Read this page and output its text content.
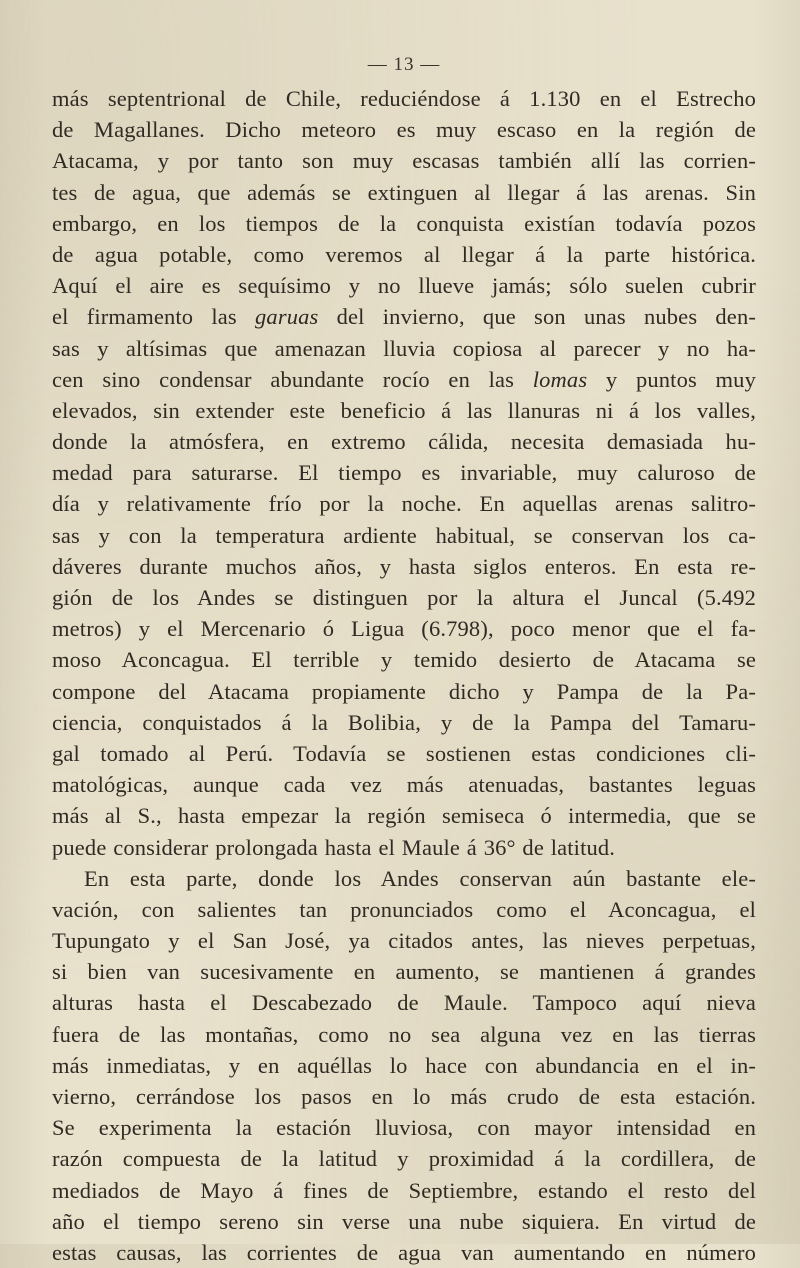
— 13 —
más septentrional de Chile, reduciéndose á 1.130 en el Estrecho
de Magallanes. Dicho meteoro es muy escaso en la región de
Atacama, y por tanto son muy escasas también allí las corrien-
tes de agua, que además se extinguen al llegar á las arenas. Sin
embargo, en los tiempos de la conquista existían todavía pozos
de agua potable, como veremos al llegar á la parte histórica.
Aquí el aire es sequísimo y no llueve jamás; sólo suelen cubrir
el firmamento las garuas del invierno, que son unas nubes den-
sas y altísimas que amenazan lluvia copiosa al parecer y no ha-
cen sino condensar abundante rocío en las lomas y puntos muy
elevados, sin extender este beneficio á las llanuras ni á los valles,
donde la atmósfera, en extremo cálida, necesita demasiada hu-
medad para saturarse. El tiempo es invariable, muy caluroso de
día y relativamente frío por la noche. En aquellas arenas salitro-
sas y con la temperatura ardiente habitual, se conservan los ca-
dáveres durante muchos años, y hasta siglos enteros. En esta re-
gión de los Andes se distinguen por la altura el Juncal (5.492
metros) y el Mercenario ó Ligua (6.798), poco menor que el fa-
moso Aconcagua. El terrible y temido desierto de Atacama se
compone del Atacama propiamente dicho y Pampa de la Pa-
ciencia, conquistados á la Bolibia, y de la Pampa del Tamaru-
gal tomado al Perú. Todavía se sostienen estas condiciones cli-
matológicas, aunque cada vez más atenuadas, bastantes leguas
más al S., hasta empezar la región semiseca ó intermedia, que se
puede considerar prolongada hasta el Maule á 36° de latitud.
En esta parte, donde los Andes conservan aún bastante ele-
vación, con salientes tan pronunciados como el Aconcagua, el
Tupungato y el San José, ya citados antes, las nieves perpetuas,
si bien van sucesivamente en aumento, se mantienen á grandes
alturas hasta el Descabezado de Maule. Tampoco aquí nieva
fuera de las montañas, como no sea alguna vez en las tierras
más inmediatas, y en aquéllas lo hace con abundancia en el in-
vierno, cerrándose los pasos en lo más crudo de esta estación.
Se experimenta la estación lluviosa, con mayor intensidad en
razón compuesta de la latitud y proximidad á la cordillera, de
mediados de Mayo á fines de Septiembre, estando el resto del
año el tiempo sereno sin verse una nube siquiera. En virtud de
estas causas, las corrientes de agua van aumentando en número
